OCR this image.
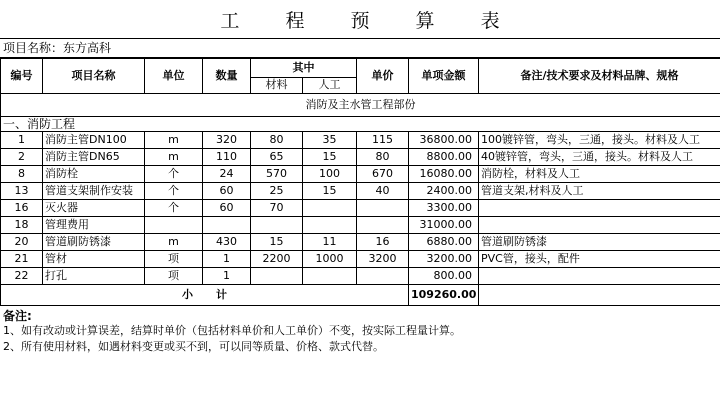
工 程 预 算 表
项目名称：东方高科
编号	项目名称	单位	数量	其中		单价	单项金额	备注/技术要求及材料品牌、规格
				材料	人工			
消防及主水管工程部份								
一、消防工程								
1	消防主管DN100	m	320	80	35	115	36800.00	100镀锌管，弯头，三通，接头。材料及人工
2	消防主管DN65	m	110	65	15	80	8800.00	40镀锌管，弯头，三通，接头。材料及人工
8	消防栓	个	24	570	100	670	16080.00	消防栓，材料及人工
13	管道支架制作安装	个	60	25	15	40	2400.00	管道支架,材料及人工
16	灭火器	个	60	70			3300.00	
18	管理费用						31000.00	
20	管道刷防锈漆	m	430	15	11	16	6880.00	管道刷防锈漆
21	管材	项	1	2200	1000	3200	3200.00	PVC管，接头，配件
22	打孔	项	1				800.00	
小      计							109260.00	
备注:
1、如有改动或计算误差，结算时单价（包括材料单价和人工单价）不变，按实际工程量计算。
2、所有使用材料，如遇材料变更或买不到，可以同等质量、价格、款式代替。
